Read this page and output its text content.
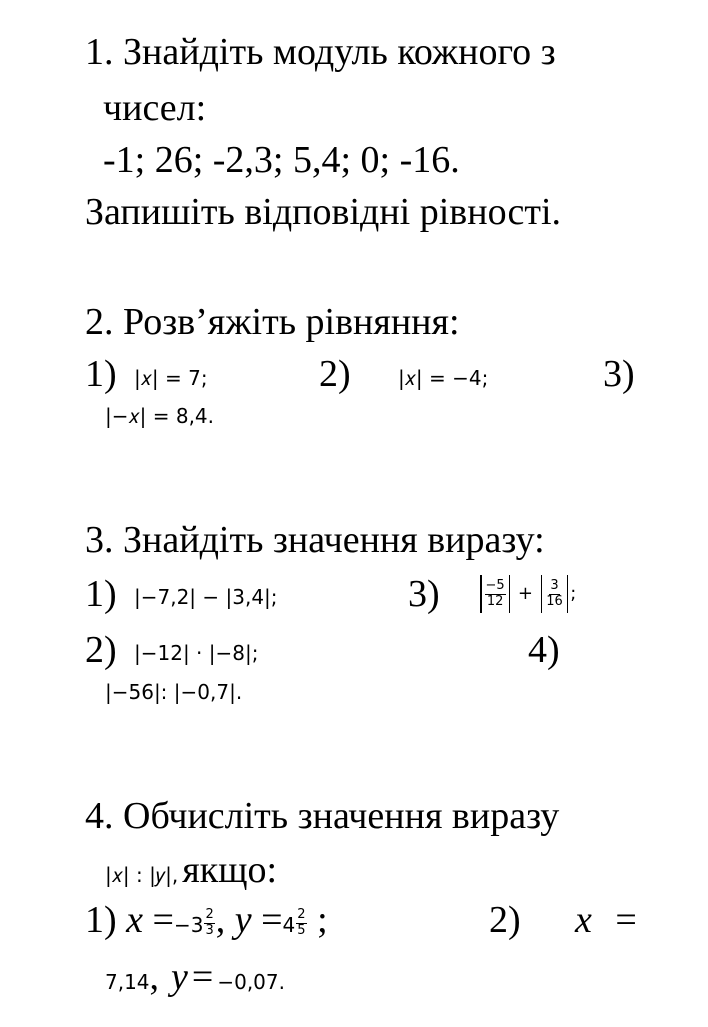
1. Знайдіть модуль кожного з
чисел:
-1; 26; -2,3; 5,4; 0; -16.
Запишіть відповідні рівності.
2. Розв’яжіть рівняння:
1) |𝑥| = 7;	2) |𝑥| = −4;	3)
|−𝑥| = 8,4.
3. Знайдіть значення виразу:
1) |−7,2| − |3,4|;	3)	$\frac{-5}{12} + \frac{3}{16}$ ;
2) |−12| · |−8|;	4)
|−56|: |−0,7|.
4. Обчисліть значення виразу
|𝑥| : |𝑦|, якщо:
1) $x =-3 \frac{2}{3}$ , $y =4 \frac{2}{5}$ ;	2) x =
7,14, y = −0,07.
